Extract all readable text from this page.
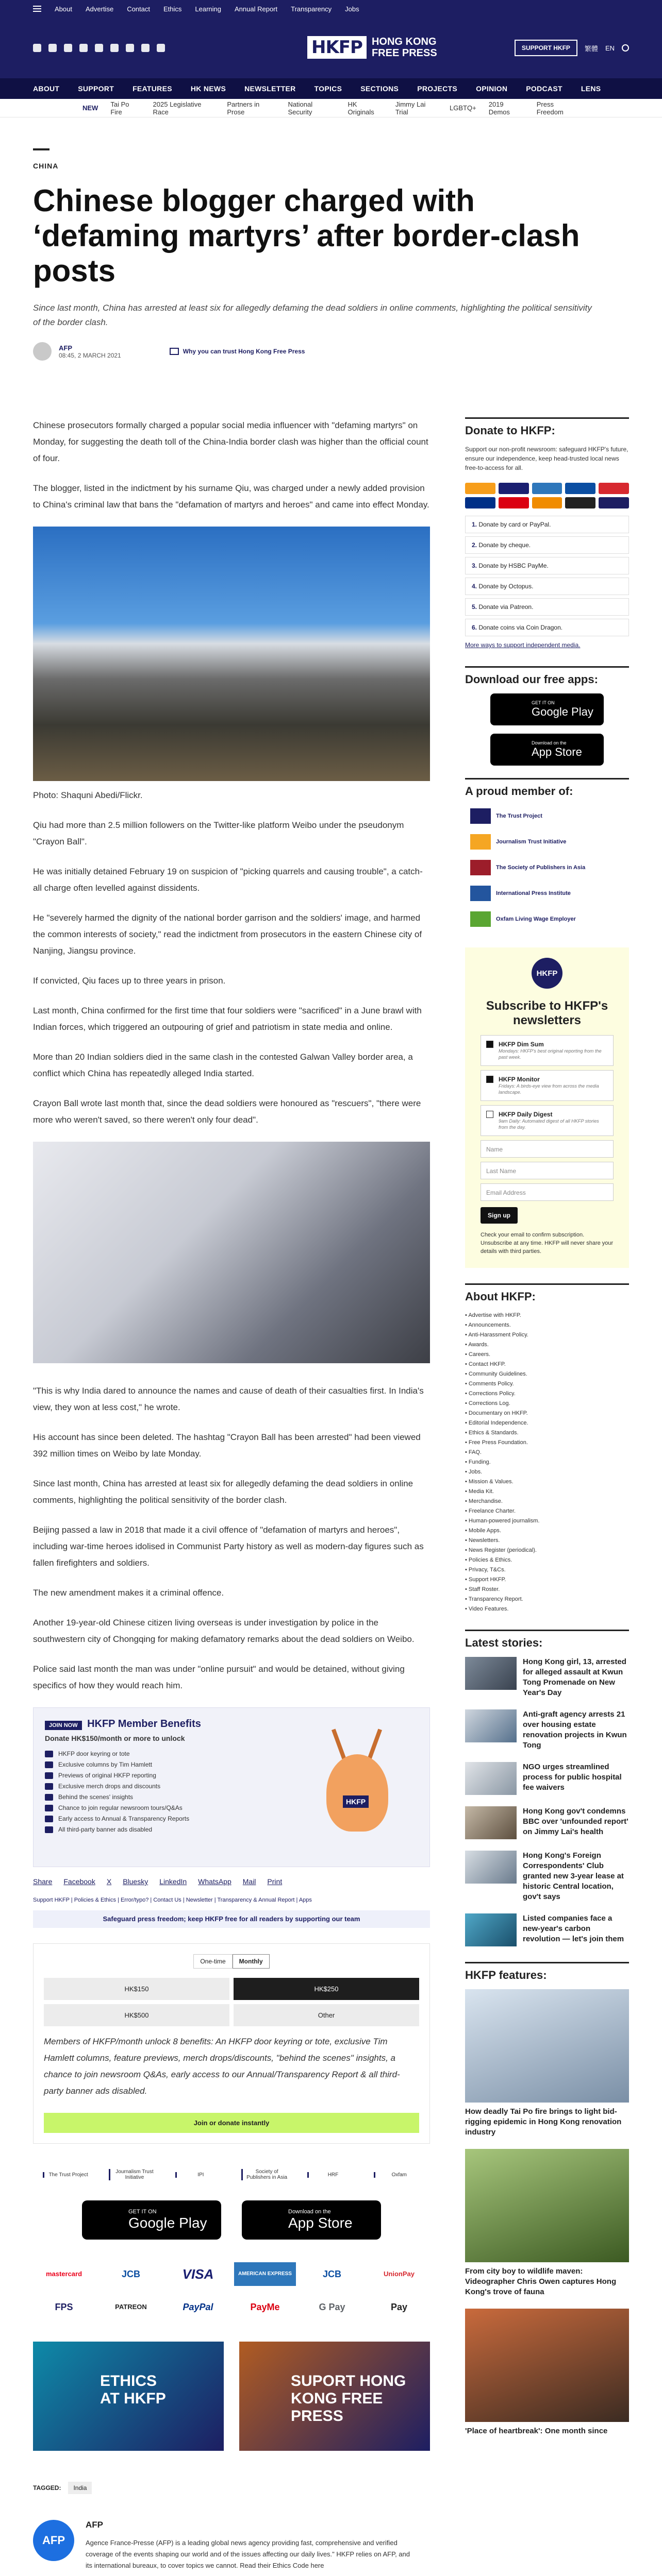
About Advertise Contact Ethics Learning Annual Report Transparency Jobs
HKFP HONG KONG
FREE PRESS	SUPPORT HKFP	繁體 EN
ABOUT	SUPPORT	FEATURES	HK NEWS	NEWSLETTER	TOPICS	SECTIONS	PROJECTS	OPINION	PODCAST	LENS
NEW Tai Po Fire
2025 Legislative Race
Partners in Prose
National Security
HK Originals
Jimmy Lai Trial	LGBTQ+ 2019 Demos
Press Freedom
CHINA
Chinese blogger charged with ‘defaming martyrs’ after border-clash posts

Since last month, China has arrested at least six for allegedly defaming the dead soldiers in online comments, highlighting the political sensitivity of the border clash.

AFP
08:45, 2 MARCH 2021
Why you can trust Hong Kong Free Press

Chinese prosecutors formally charged a popular social media influencer with "defaming martyrs" on Monday, for suggesting the death toll of the China-India border clash was higher than the official count of four.

The blogger, listed in the indictment by his surname Qiu, was charged under a newly added provision to China's criminal law that bans the "defamation of martyrs and heroes" and came into effect Monday.

Photo: Shaquni Abedi/Flickr.

Qiu had more than 2.5 million followers on the Twitter-like platform Weibo under the pseudonym "Crayon Ball".

He was initially detained February 19 on suspicion of "picking quarrels and causing trouble", a catch-all charge often levelled against dissidents.

He "severely harmed the dignity of the national border garrison and the soldiers' image, and harmed the common interests of society," read the indictment from prosecutors in the eastern Chinese city of Nanjing, Jiangsu province.

If convicted, Qiu faces up to three years in prison.

Last month, China confirmed for the first time that four soldiers were "sacrificed" in a June brawl with Indian forces, which triggered an outpouring of grief and patriotism in state media and online.

More than 20 Indian soldiers died in the same clash in the contested Galwan Valley border area, a conflict which China has repeatedly alleged India started.

Crayon Ball wrote last month that, since the dead soldiers were honoured as "rescuers", "there were more who weren't saved, so there weren't only four dead".

"This is why India dared to announce the names and cause of death of their casualties first. In India's view, they won at less cost," he wrote.

His account has since been deleted. The hashtag "Crayon Ball has been arrested" had been viewed 392 million times on Weibo by late Monday.

Since last month, China has arrested at least six for allegedly defaming the dead soldiers in online comments, highlighting the political sensitivity of the border clash.

Beijing passed a law in 2018 that made it a civil offence of "defamation of martyrs and heroes", including war-time heroes idolised in Communist Party history as well as modern-day figures such as fallen firefighters and soldiers.

The new amendment makes it a criminal offence.

Another 19-year-old Chinese citizen living overseas is under investigation by police in the southwestern city of Chongqing for making defamatory remarks about the dead soldiers on Weibo.

Police said last month the man was under "online pursuit" and would be detained, without giving specifics of how they would reach him.

JOIN NOW HKFP Member Benefits
Donate HK$150/month or more to unlock
HKFP door keyring or tote
Exclusive columns by Tim Hamlett
Previews of original HKFP reporting
Exclusive merch drops and discounts
Behind the scenes' insights
Chance to join regular newsroom tours/Q&As
Early access to Annual & Transparency Reports
All third-party banner ads disabled
HKFP
Share Facebook X Bluesky LinkedIn WhatsApp Mail Print
Support HKFP | Policies & Ethics | Error/typo? | Contact Us | Newsletter | Transparency & Annual Report | Apps
Safeguard press freedom; keep HKFP free for all readers by supporting our team
One-time	Monthly
HK$150	HK$250
HK$500	Other

Members of HKFP/month unlock 8 benefits: An HKFP door keyring or tote, exclusive Tim Hamlett columns, feature previews, merch drops/discounts, "behind the scenes" insights, a chance to join newsroom Q&As, early access to our Annual/Transparency Report & all third-party banner ads disabled.

Join or donate instantly
The Trust Project	Journalism Trust Initiative	IPI	Society of Publishers in Asia	HRF	Oxfam
GET IT ON
Google Play
Download on the
App Store
mastercard	JCB	VISA	AMERICAN EXPRESS	JCB	UnionPay
FPS	PATREON	PayPal	PayMe	G Pay	Pay
ETHICS
AT HKFP
SUPORT HONG
KONG FREE PRESS
TAGGED:	India
AFP
AFP

Agence France-Presse (AFP) is a leading global news agency providing fast, comprehensive and verified coverage of the events shaping our world and of the issues affecting our daily lives." HKFP relies on AFP, and its international bureaux, to cover topics we cannot. Read their Ethics Code here

Donate to HKFP:

Support our non-profit newsroom: safeguard HKFP's future, ensure our independence, keep head-trusted local news free-to-access for all.

1. Donate by card or PayPal.
2. Donate by cheque.
3. Donate by HSBC PayMe.
4. Donate by Octopus.
5. Donate via Patreon.
6. Donate coins via Coin Dragon.
More ways to support independent media.
Download our free apps:
GET IT ON
Google Play
Download on the
App Store
A proud member of:
The Trust Project
Journalism Trust Initiative
The Society of Publishers in Asia
International Press Institute
Oxfam Living Wage Employer
HKFP
Subscribe to HKFP's newsletters
HKFP Dim Sum
Mondays: HKFP's best original reporting from the past week.
HKFP Monitor
Fridays: A birds-eye view from across the media landscape.
HKFP Daily Digest
9am Daily: Automated digest of all HKFP stories from the day.
Name
Last Name
Email Address
Sign up

Check your email to confirm subscription. Unsubscribe at any time. HKFP will never share your details with third parties.

About HKFP:
• Advertise with HKFP.
• Announcements.
• Anti-Harassment Policy.
• Awards.
• Careers.
• Contact HKFP.
• Community Guidelines.
• Comments Policy.
• Corrections Policy.
• Corrections Log.
• Documentary on HKFP.
• Editorial Independence.
• Ethics & Standards.
• Free Press Foundation.
• FAQ.
• Funding.
• Jobs.
• Mission & Values.
• Media Kit.
• Merchandise.
• Freelance Charter.
• Human-powered journalism.
• Mobile Apps.
• Newsletters.
• News Register (periodical).
• Policies & Ethics.
• Privacy, T&Cs.
• Support HKFP.
• Staff Roster.
• Transparency Report.
• Video Features.
Latest stories:
Hong Kong girl, 13, arrested for alleged assault at Kwun Tong Promenade on New Year's Day
Anti-graft agency arrests 21 over housing estate renovation projects in Kwun Tong
NGO urges streamlined process for public hospital fee waivers
Hong Kong gov't condemns BBC over 'unfounded report' on Jimmy Lai's health
Hong Kong's Foreign Correspondents' Club granted new 3-year lease at historic Central location, gov't says
Listed companies face a new-year's carbon revolution — let's join them
HKFP features:
How deadly Tai Po fire brings to light bid-rigging epidemic in Hong Kong renovation industry
From city boy to wildlife maven: Videographer Chris Owen captures Hong Kong's trove of fauna
'Place of heartbreak': One month since
